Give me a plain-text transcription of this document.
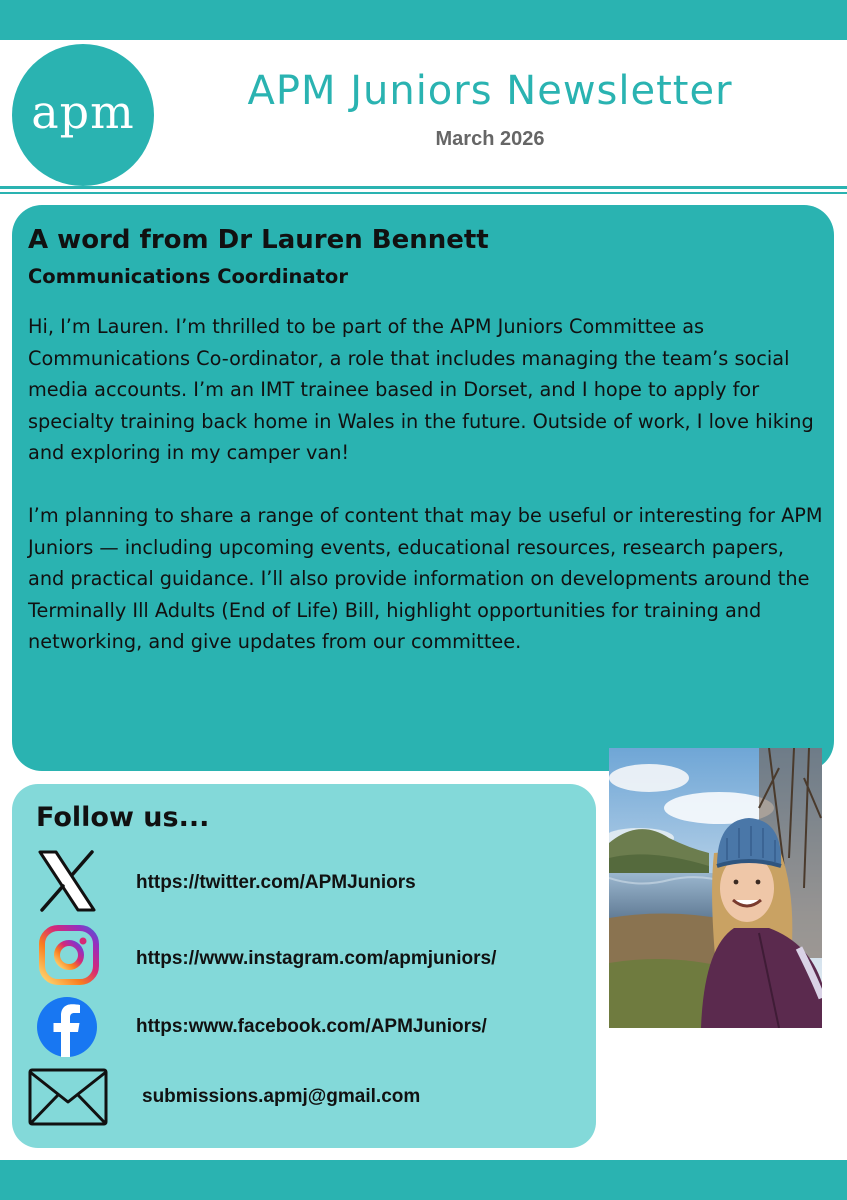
apm	APM Juniors Newsletter
March 2026
A word from Dr Lauren Bennett
Communications Coordinator

Hi, I’m Lauren. I’m thrilled to be part of the APM Juniors Committee as Communications Co-ordinator, a role that includes managing the team’s social media accounts. I’m an IMT trainee based in Dorset, and I hope to apply for specialty training back home in Wales in the future. Outside of work, I love hiking and exploring in my camper van!

I’m planning to share a range of content that may be useful or interesting for APM Juniors — including upcoming events, educational resources, research papers, and practical guidance. I’ll also provide information on developments around the Terminally Ill Adults (End of Life) Bill, highlight opportunities for training and networking, and give updates from our committee.

Follow us...
https://twitter.com/APMJuniors
https://www.instagram.com/apmjuniors/
https:www.facebook.com/APMJuniors/
submissions.apmj@gmail.com
